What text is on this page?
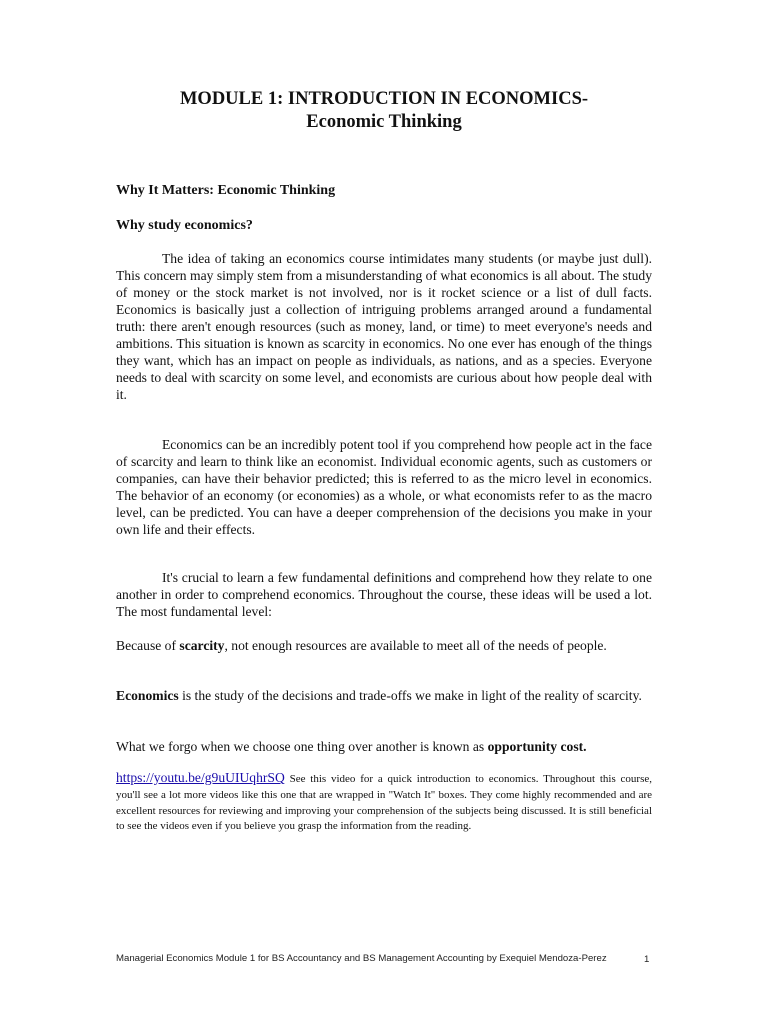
MODULE 1: INTRODUCTION IN ECONOMICS-
Economic Thinking
Why It Matters: Economic Thinking
Why study economics?

The idea of taking an economics course intimidates many students (or maybe just dull). This concern may simply stem from a misunderstanding of what economics is all about. The study of money or the stock market is not involved, nor is it rocket science or a list of dull facts. Economics is basically just a collection of intriguing problems arranged around a fundamental truth: there aren't enough resources (such as money, land, or time) to meet everyone's needs and ambitions. This situation is known as scarcity in economics. No one ever has enough of the things they want, which has an impact on people as individuals, as nations, and as a species. Everyone needs to deal with scarcity on some level, and economists are curious about how people deal with it.

Economics can be an incredibly potent tool if you comprehend how people act in the face of scarcity and learn to think like an economist. Individual economic agents, such as customers or companies, can have their behavior predicted; this is referred to as the micro level in economics. The behavior of an economy (or economies) as a whole, or what economists refer to as the macro level, can be predicted. You can have a deeper comprehension of the decisions you make in your own life and their effects.

It's crucial to learn a few fundamental definitions and comprehend how they relate to one another in order to comprehend economics. Throughout the course, these ideas will be used a lot. The most fundamental level:

Because of scarcity, not enough resources are available to meet all of the needs of people.

Economics is the study of the decisions and trade-offs we make in light of the reality of scarcity.

What we forgo when we choose one thing over another is known as opportunity cost.

https://youtu.be/g9uUIUqhrSQ See this video for a quick introduction to economics. Throughout this course, you'll see a lot more videos like this one that are wrapped in "Watch It" boxes. They come highly recommended and are excellent resources for reviewing and improving your comprehension of the subjects being discussed. It is still beneficial to see the videos even if you believe you grasp the information from the reading.

Managerial Economics Module 1 for BS Accountancy and BS Management Accounting by Exequiel Mendoza-Perez	1
